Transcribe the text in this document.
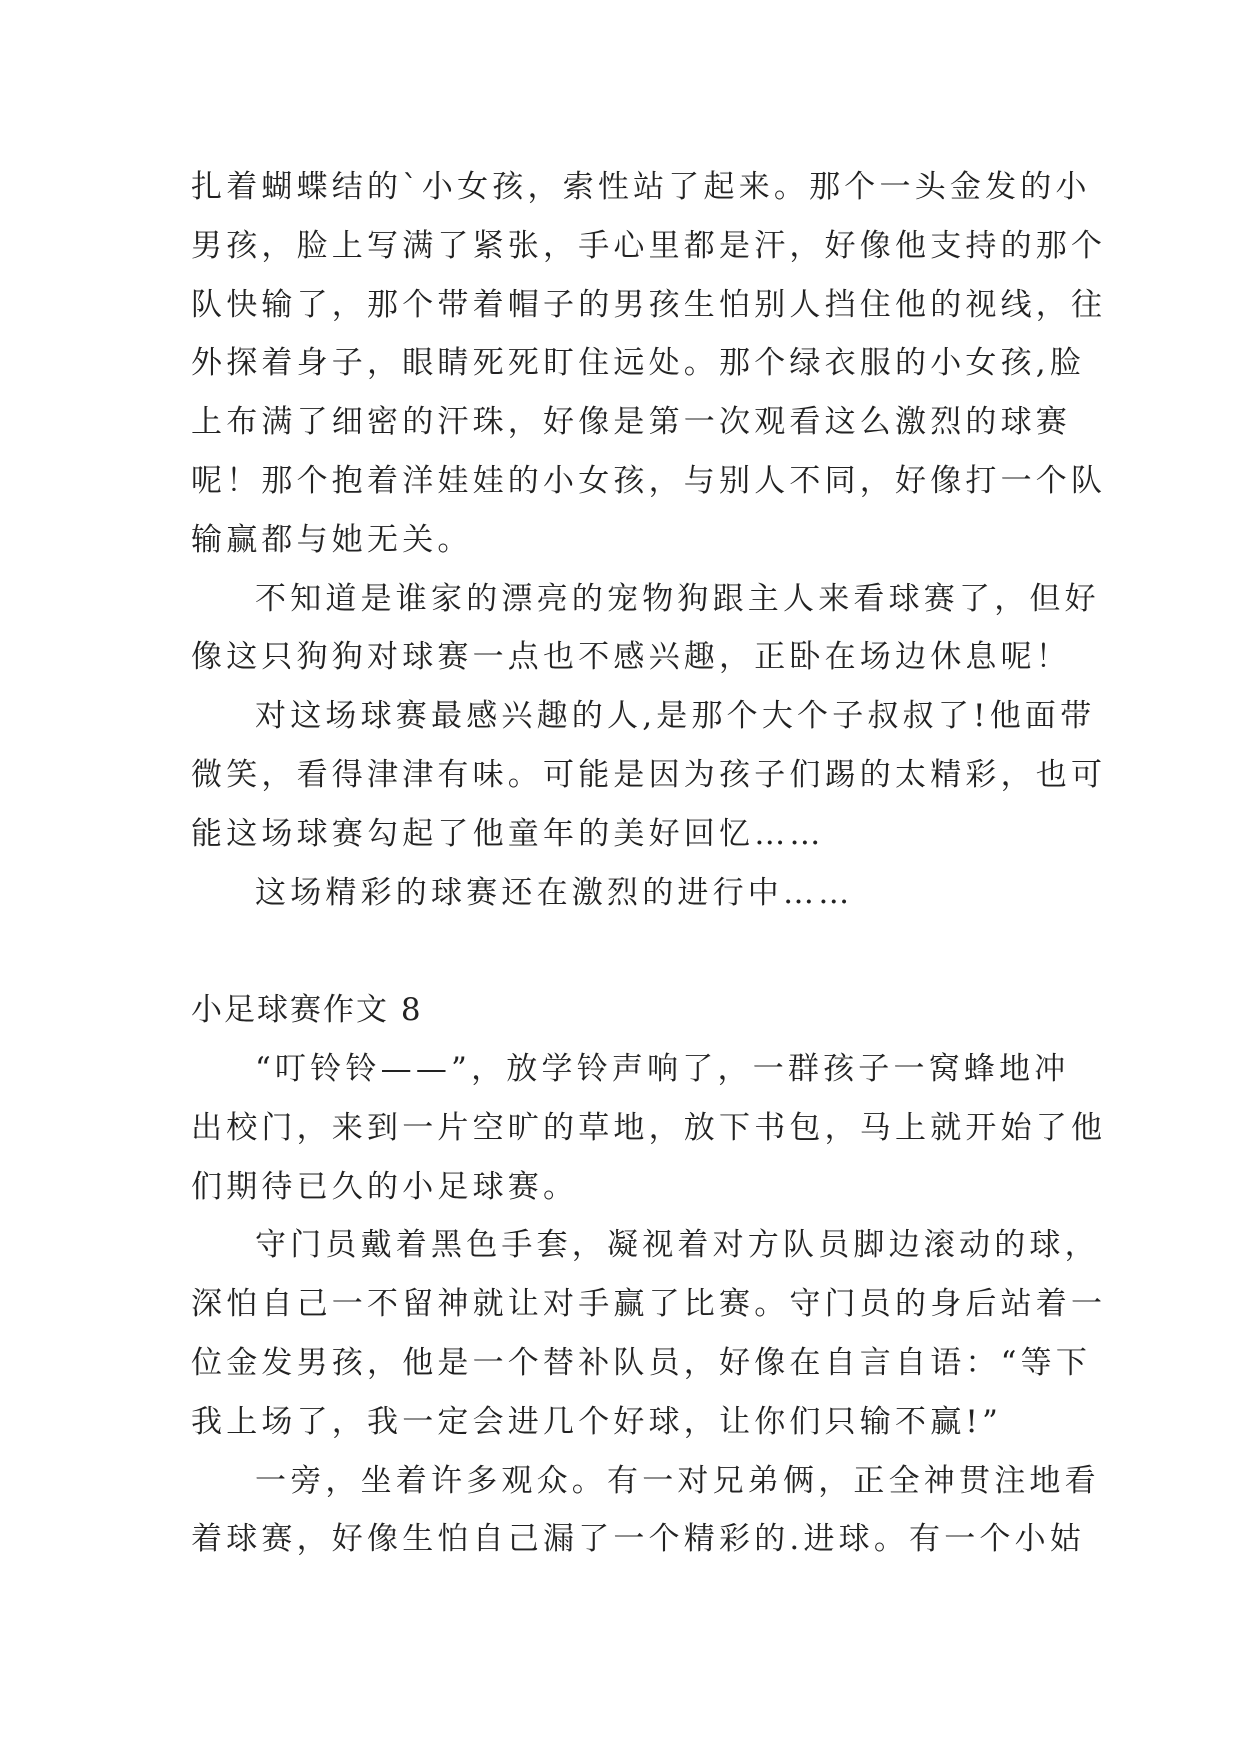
扎着蝴蝶结的`小女孩，索性站了起来。那个一头金发的小
男孩，脸上写满了紧张，手心里都是汗，好像他支持的那个
队快输了，那个带着帽子的男孩生怕别人挡住他的视线，往
外探着身子，眼睛死死盯住远处。那个绿衣服的小女孩,脸
上布满了细密的汗珠，好像是第一次观看这么激烈的球赛
呢！那个抱着洋娃娃的小女孩，与别人不同，好像打一个队
输赢都与她无关。
不知道是谁家的漂亮的宠物狗跟主人来看球赛了，但好
像这只狗狗对球赛一点也不感兴趣，正卧在场边休息呢！
对这场球赛最感兴趣的人,是那个大个子叔叔了!他面带
微笑，看得津津有味。可能是因为孩子们踢的太精彩，也可
能这场球赛勾起了他童年的美好回忆……
这场精彩的球赛还在激烈的进行中……
小足球赛作文 8
“叮铃铃——”，放学铃声响了，一群孩子一窝蜂地冲
出校门，来到一片空旷的草地，放下书包，马上就开始了他
们期待已久的小足球赛。
守门员戴着黑色手套，凝视着对方队员脚边滚动的球，
深怕自己一不留神就让对手赢了比赛。守门员的身后站着一
位金发男孩，他是一个替补队员，好像在自言自语：“等下
我上场了，我一定会进几个好球，让你们只输不赢!”
一旁，坐着许多观众。有一对兄弟俩，正全神贯注地看
着球赛，好像生怕自己漏了一个精彩的.进球。有一个小姑
